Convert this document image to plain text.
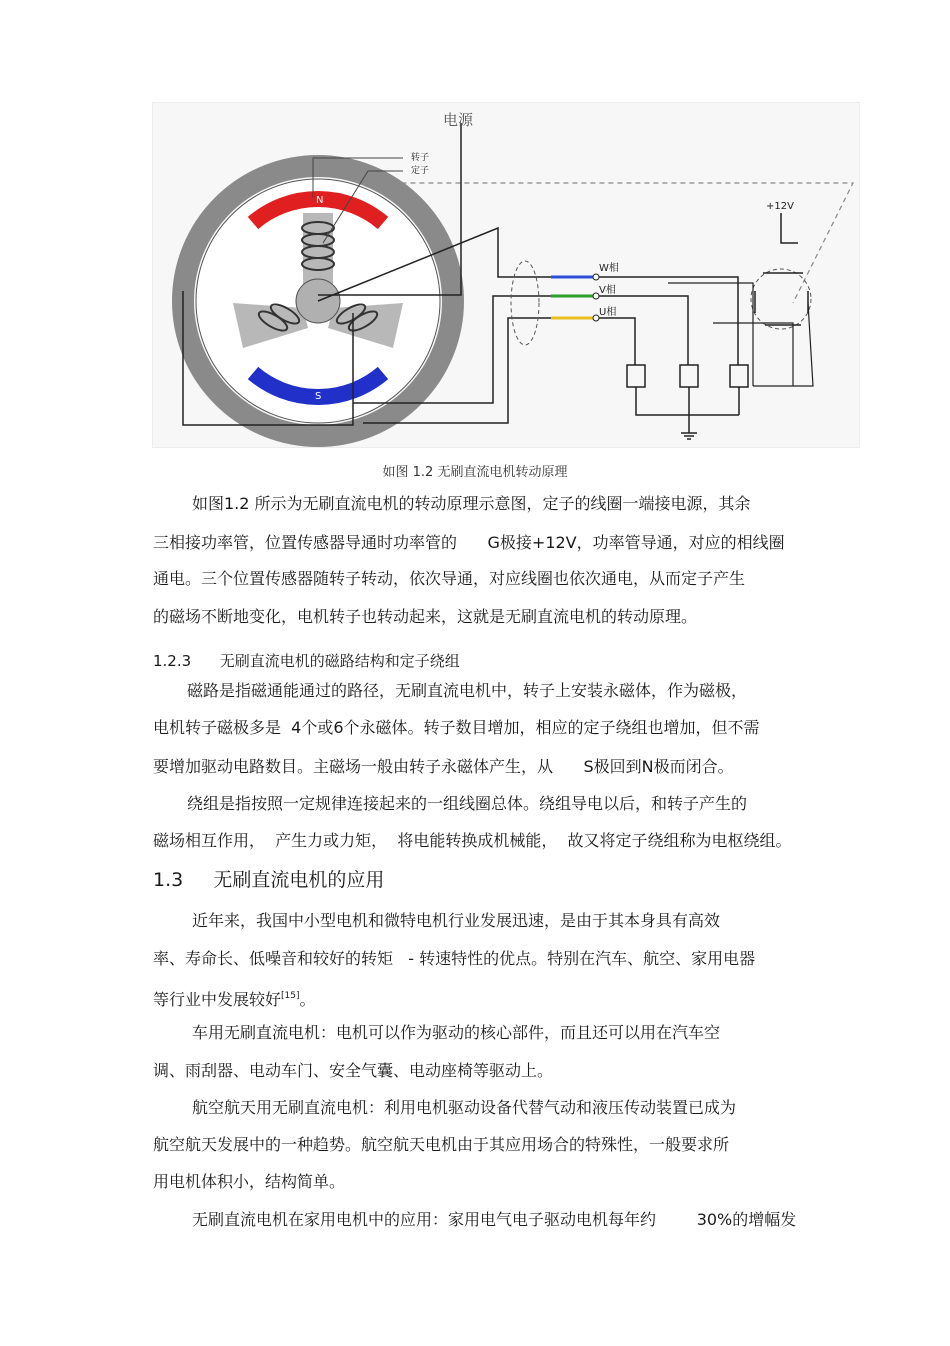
电源
转子
定子
N
S
+12V
W相
V相
U相
如图 1.2 无刷直流电机转动原理
如图1.2 所示为无刷直流电机的转动原理示意图，定子的线圈一端接电源，其余
三相接功率管，位置传感器导通时功率管的      G极接+12V，功率管导通，对应的相线圈
通电。三个位置传感器随转子转动，依次导通，对应线圈也依次通电，从而定子产生
的磁场不断地变化，电机转子也转动起来，这就是无刷直流电机的转动原理。
1.2.3      无刷直流电机的磁路结构和定子绕组
磁路是指磁通能通过的路径，无刷直流电机中，转子上安装永磁体，作为磁极，
电机转子磁极多是  4个或6个永磁体。转子数目增加，相应的定子绕组也增加，但不需
要增加驱动电路数目。主磁场一般由转子永磁体产生，从      S极回到N极而闭合。
绕组是指按照一定规律连接起来的一组线圈总体。绕组导电以后，和转子产生的
磁场相互作用，  产生力或力矩，  将电能转换成机械能，  故又将定子绕组称为电枢绕组。
1.3     无刷直流电机的应用
近年来，我国中小型电机和微特电机行业发展迅速，是由于其本身具有高效
率、寿命长、低噪音和较好的转矩   - 转速特性的优点。特别在汽车、航空、家用电器
等行业中发展较好[15]。
车用无刷直流电机：电机可以作为驱动的核心部件，而且还可以用在汽车空
调、雨刮器、电动车门、安全气囊、电动座椅等驱动上。
航空航天用无刷直流电机：利用电机驱动设备代替气动和液压传动装置已成为
航空航天发展中的一种趋势。航空航天电机由于其应用场合的特殊性，一般要求所
用电机体积小，结构简单。
无刷直流电机在家用电机中的应用：家用电气电子驱动电机每年约        30%的增幅发
